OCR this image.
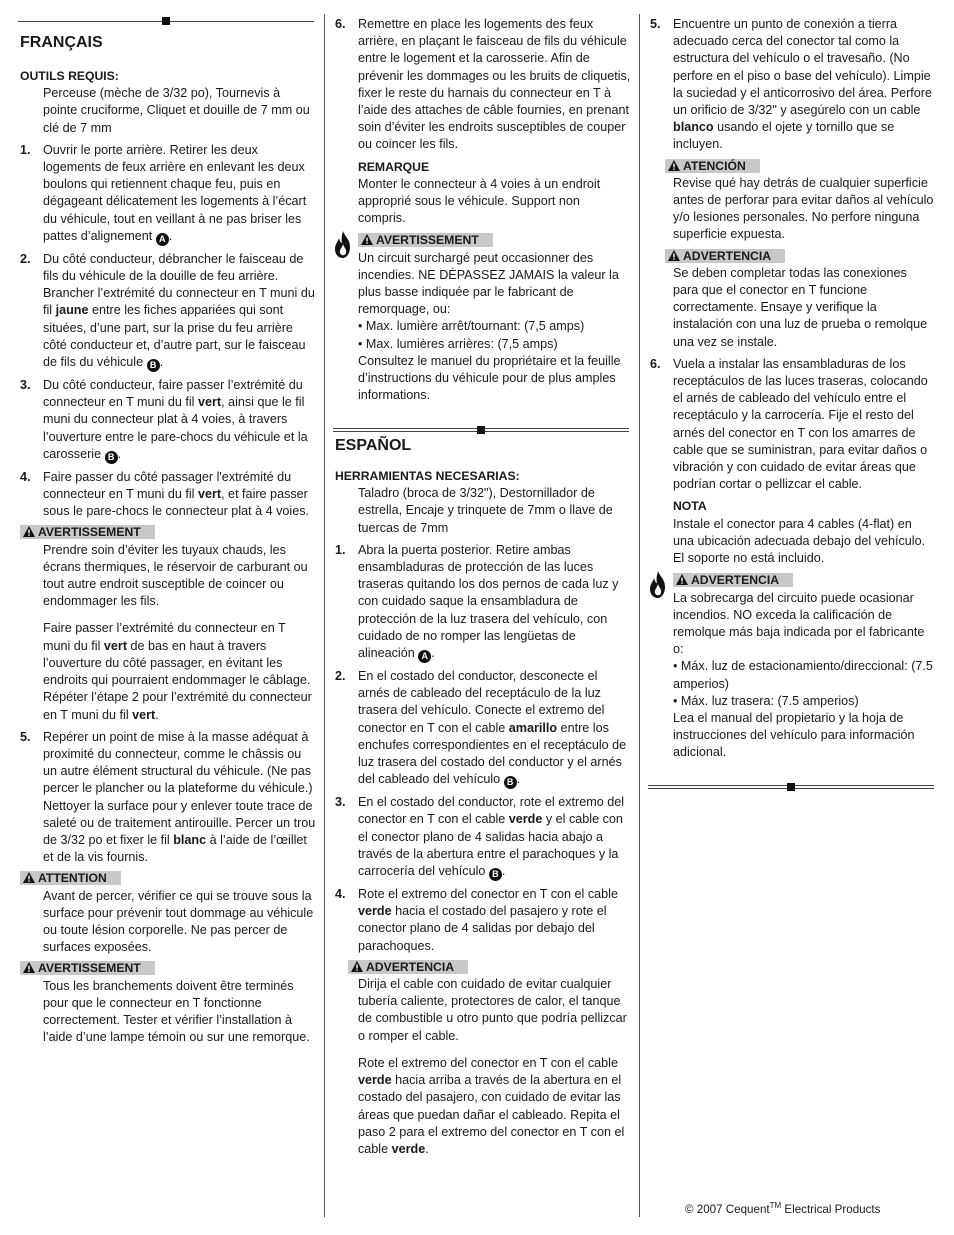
FRANÇAIS
OUTILS REQUIS:
Perceuse (mèche de 3/32 po), Tournevis à pointe cruciforme, Cliquet et douille de 7 mm ou clé de 7 mm
1. Ouvrir le porte arrière. Retirer les deux logements de feux arrière en enlevant les deux boulons qui retiennent chaque feu, puis en dégageant délicatement les logements à l’écart du véhicule, tout en veillant à ne pas briser les pattes d’alignement A .
2. Du côté conducteur, débrancher le faisceau de fils du véhicule de la douille de feu arrière. Brancher l’extrémité du connecteur en T muni du fil jaune entre les fiches appariées qui sont situées, d’une part, sur la prise du feu arrière côté conducteur et, d’autre part, sur le faisceau de fils du véhicule B .
3. Du côté conducteur, faire passer l’extrémité du connecteur en T muni du fil vert, ainsi que le fil muni du connecteur plat à 4 voies, à travers l’ouverture entre le pare-chocs du véhicule et la carosserie B .
4. Faire passer du côté passager l'extrémité du connecteur en T muni du fil vert, et faire passer sous le pare-chocs le connecteur plat à 4 voies.
AVERTISSEMENT
Prendre soin d’éviter les tuyaux chauds, les écrans thermiques, le réservoir de carburant ou tout autre endroit susceptible de coincer ou endommager les fils.
Faire passer l’extrémité du connecteur en T muni du fil vert de bas en haut à travers l’ouverture du côté passager, en évitant les endroits qui pourraient endommager le câblage. Répéter l’étape 2 pour l’extrémité du connecteur en T muni du fil vert.
5. Repérer un point de mise à la masse adéquat à proximité du connecteur, comme le châssis ou un autre élément structural du véhicule. (Ne pas percer le plancher ou la plateforme du véhicule.) Nettoyer la surface pour y enlever toute trace de saleté ou de traitement antirouille. Percer un trou de 3/32 po et fixer le fil blanc à l’aide de l’œillet et de la vis fournis.
ATTENTION
Avant de percer, vérifier ce qui se trouve sous la surface pour prévenir tout dommage au véhicule ou toute lésion corporelle. Ne pas percer de surfaces exposées.
AVERTISSEMENT
Tous les branchements doivent être terminés pour que le connecteur en T fonctionne correctement. Tester et vérifier l’installation à l’aide d’une lampe témoin ou sur une remorque.
6. Remettre en place les logements des feux arrière, en plaçant le faisceau de fils du véhicule entre le logement et la carosserie. Afin de prévenir les dommages ou les bruits de cliquetis, fixer le reste du harnais du connecteur en T à l’aide des attaches de câble fournies, en prenant soin d’éviter les endroits susceptibles de couper ou coincer les fils.
REMARQUE
Monter le connecteur à 4 voies à un endroit approprié sous le véhicule. Support non compris.
AVERTISSEMENT
Un circuit surchargé peut occasionner des incendies. NE DÉPASSEZ JAMAIS la valeur la plus basse indiquée par le fabricant de remorquage, ou:
• Max. lumière arrêt/tournant: (7,5 amps)
• Max. lumières arrières: (7,5 amps)
Consultez le manuel du propriétaire et la feuille d’instructions du véhicule pour de plus amples informations.
ESPAÑOL
HERRAMIENTAS NECESARIAS:
Taladro (broca de 3/32"), Destornillador de estrella, Encaje y trinquete de 7mm o llave de tuercas de 7mm
1. Abra la puerta posterior. Retire ambas ensambladuras de protección de las luces traseras quitando los dos pernos de cada luz y con cuidado saque la ensambladura de protección de la luz trasera del vehículo, con cuidado de no romper las lengüetas de alineación A .
2. En el costado del conductor, desconecte el arnés de cableado del receptáculo de la luz trasera del vehículo. Conecte el extremo del conector en T con el cable amarillo entre los enchufes correspondientes en el receptáculo de luz trasera del costado del conductor y el arnés del cableado del vehículo B .
3. En el costado del conductor, rote el extremo del conector en T con el cable verde y el cable con el conector plano de 4 salidas hacia abajo a través de la abertura entre el parachoques y la carrocería del vehículo B .
4. Rote el extremo del conector en T con el cable verde hacia el costado del pasajero y rote el conector plano de 4 salidas por debajo del parachoques.
ADVERTENCIA
Dirija el cable con cuidado de evitar cualquier tubería caliente, protectores de calor, el tanque de combustible u otro punto que podría pellizcar o romper el cable.
Rote el extremo del conector en T con el cable verde hacia arriba a través de la abertura en el costado del pasajero, con cuidado de evitar las áreas que puedan dañar el cableado. Repita el paso 2 para el extremo del conector en T con el cable verde.
5. Encuentre un punto de conexión a tierra adecuado cerca del conector tal como la estructura del vehículo o el travesaño. (No perfore en el piso o base del vehículo). Limpie la suciedad y el anticorrosivo del área. Perfore un orificio de 3/32" y asegúrelo con un cable blanco usando el ojete y tornillo que se incluyen.
ATENCIÓN
Revise qué hay detrás de cualquier superficie antes de perforar para evitar daños al vehículo y/o lesiones personales. No perfore ninguna superficie expuesta.
ADVERTENCIA
Se deben completar todas las conexiones para que el conector en T funcione correctamente. Ensaye y verifique la instalación con una luz de prueba o remolque una vez se instale.
6. Vuela a instalar las ensambladuras de los receptáculos de las luces traseras, colocando el arnés de cableado del vehículo entre el receptáculo y la carrocería. Fije el resto del arnés del conector en T con los amarres de cable que se suministran, para evitar daños o vibración y con cuidado de evitar áreas que podrían cortar o pellizcar el cable.
NOTA
Instale el conector para 4 cables (4-flat) en una ubicación adecuada debajo del vehículo. El soporte no está incluido.
ADVERTENCIA
La sobrecarga del circuito puede ocasionar incendios. NO exceda la calificación de remolque más baja indicada por el fabricante o:
• Máx. luz de estacionamiento/direccional: (7.5 amperios)
• Máx. luz trasera: (7.5 amperios)
Lea el manual del propietario y la hoja de instrucciones del vehículo para información adicional.
© 2007 Cequent™ Electrical Products
